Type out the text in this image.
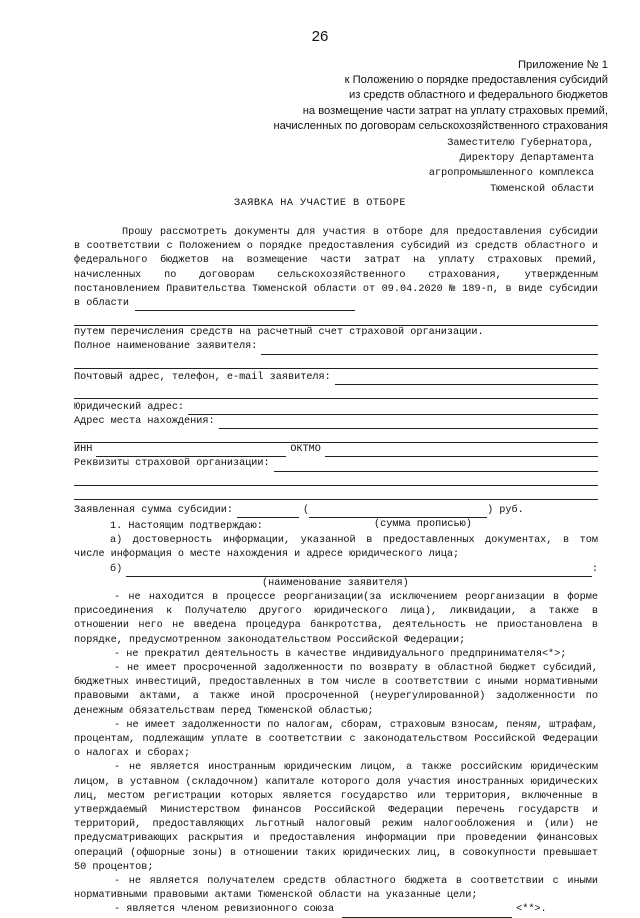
26
Приложение № 1
к Положению о порядке предоставления субсидий
из средств областного и федерального бюджетов
на возмещение части затрат на уплату страховых премий,
начисленных по договорам сельскохозяйственного страхования
Заместителю Губернатора,
Директору Департамента
агропромышленного комплекса
Тюменской области
ЗАЯВКА НА УЧАСТИЕ В ОТБОРЕ

Прошу рассмотреть документы для участия в отборе для предоставления субсидии в соответствии с Положением о порядке предоставления субсидий из средств областного и федерального бюджетов на возмещение части затрат на уплату страховых премий, начисленных по договорам сельскохозяйственного страхования, утвержденным постановлением Правительства Тюменской области от 09.04.2020 № 189-п, в виде субсидии в области

путем перечисления средств на расчетный счет страховой организации.
Полное наименование заявителя:
Почтовый адрес, телефон, e-mail заявителя:
Юридический адрес:
Адрес места нахождения:
ИНН	ОКТМО
Реквизиты страховой организации:
Заявленная сумма субсидии:	(	) руб.
(сумма прописью)
1. Настоящим подтверждаю:

а) достоверность информации, указанной в предоставленных документах, в том числе информация о месте нахождения и адресе юридического лица;

б)	:
(наименование заявителя)

- не находится в процессе реорганизации(за исключением реорганизации в форме присоединения к Получателю другого юридического лица), ликвидации, а также в отношении него не введена процедура банкротства, деятельность не приостановлена в порядке, предусмотренном законодательством Российской Федерации;

- не прекратил деятельность в качестве индивидуального предпринимателя<*>;

- не имеет просроченной задолженности по возврату в областной бюджет субсидий, бюджетных инвестиций, предоставленных в том числе в соответствии с иными нормативными правовыми актами, а также иной просроченной (неурегулированной) задолженности по денежным обязательствам перед Тюменской областью;

- не имеет задолженности по налогам, сборам, страховым взносам, пеням, штрафам, процентам, подлежащим уплате в соответствии с законодательством Российской Федерации о налогах и сборах;

- не является иностранным юридическим лицом, а также российским юридическим лицом, в уставном (складочном) капитале которого доля участия иностранных юридических лиц, местом регистрации которых является государство или территория, включенные в утверждаемый Министерством финансов Российской Федерации перечень государств и территорий, предоставляющих льготный налоговый режим налогообложения и (или) не предусматривающих раскрытия и предоставления информации при проведении финансовых операций (офшорные зоны) в отношении таких юридических лиц, в совокупности превышает 50 процентов;

- не является получателем средств областного бюджета в соответствии с иными нормативными правовыми актами Тюменской области на указанные цели;

- является членом ревизионного союза	<**>.
